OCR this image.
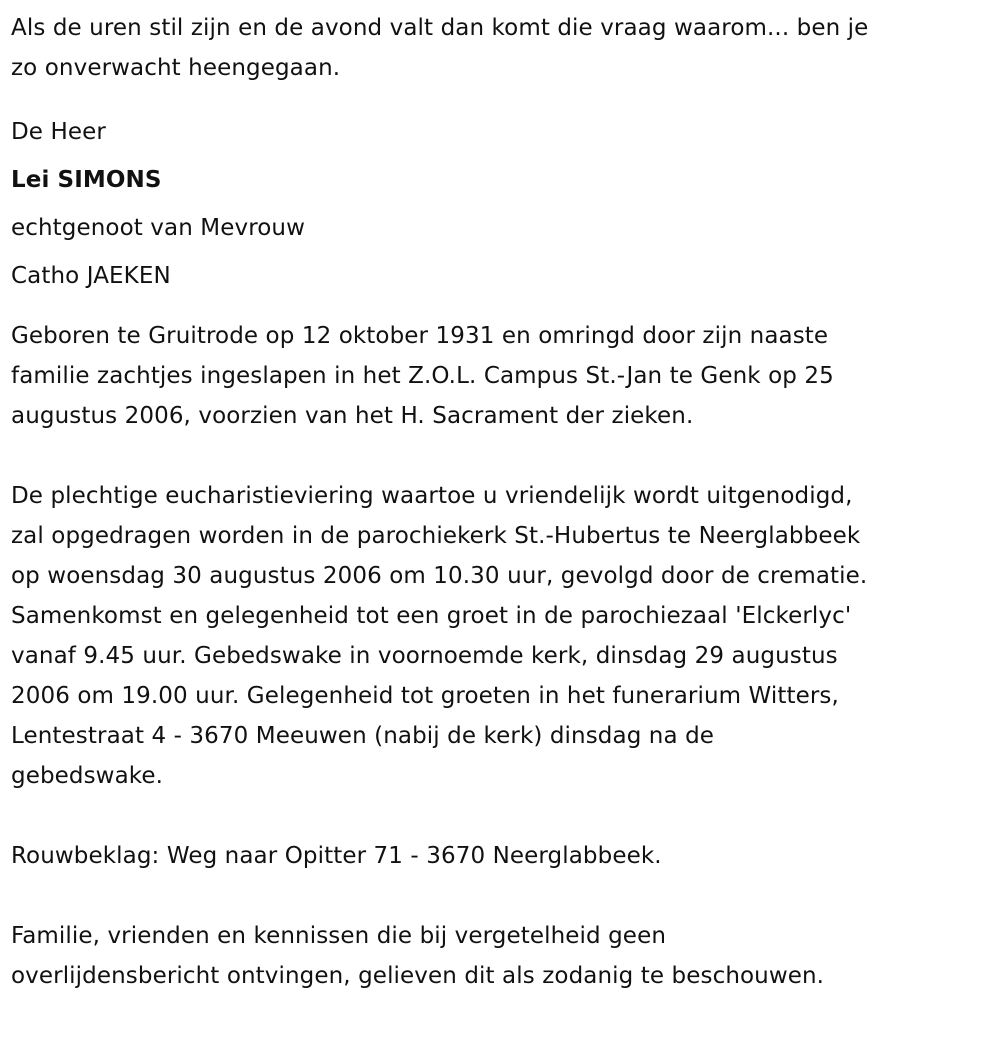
Als de uren stil zijn en de avond valt dan komt die vraag waarom... ben je
zo onverwacht heengegaan.

De Heer
Lei SIMONS
echtgenoot van Mevrouw
Catho JAEKEN

Geboren te Gruitrode op 12 oktober 1931 en omringd door zijn naaste
familie zachtjes ingeslapen in het Z.O.L. Campus St.-Jan te Genk op 25
augustus 2006, voorzien van het H. Sacrament der zieken.

De plechtige eucharistieviering waartoe u vriendelijk wordt uitgenodigd,
zal opgedragen worden in de parochiekerk St.-Hubertus te Neerglabbeek
op woensdag 30 augustus 2006 om 10.30 uur, gevolgd door de crematie.
Samenkomst en gelegenheid tot een groet in de parochiezaal 'Elckerlyc'
vanaf 9.45 uur. Gebedswake in voornoemde kerk, dinsdag 29 augustus
2006 om 19.00 uur. Gelegenheid tot groeten in het funerarium Witters,
Lentestraat 4 - 3670 Meeuwen (nabij de kerk) dinsdag na de
gebedswake.

Rouwbeklag: Weg naar Opitter 71 - 3670 Neerglabbeek.

Familie, vrienden en kennissen die bij vergetelheid geen
overlijdensbericht ontvingen, gelieven dit als zodanig te beschouwen.
